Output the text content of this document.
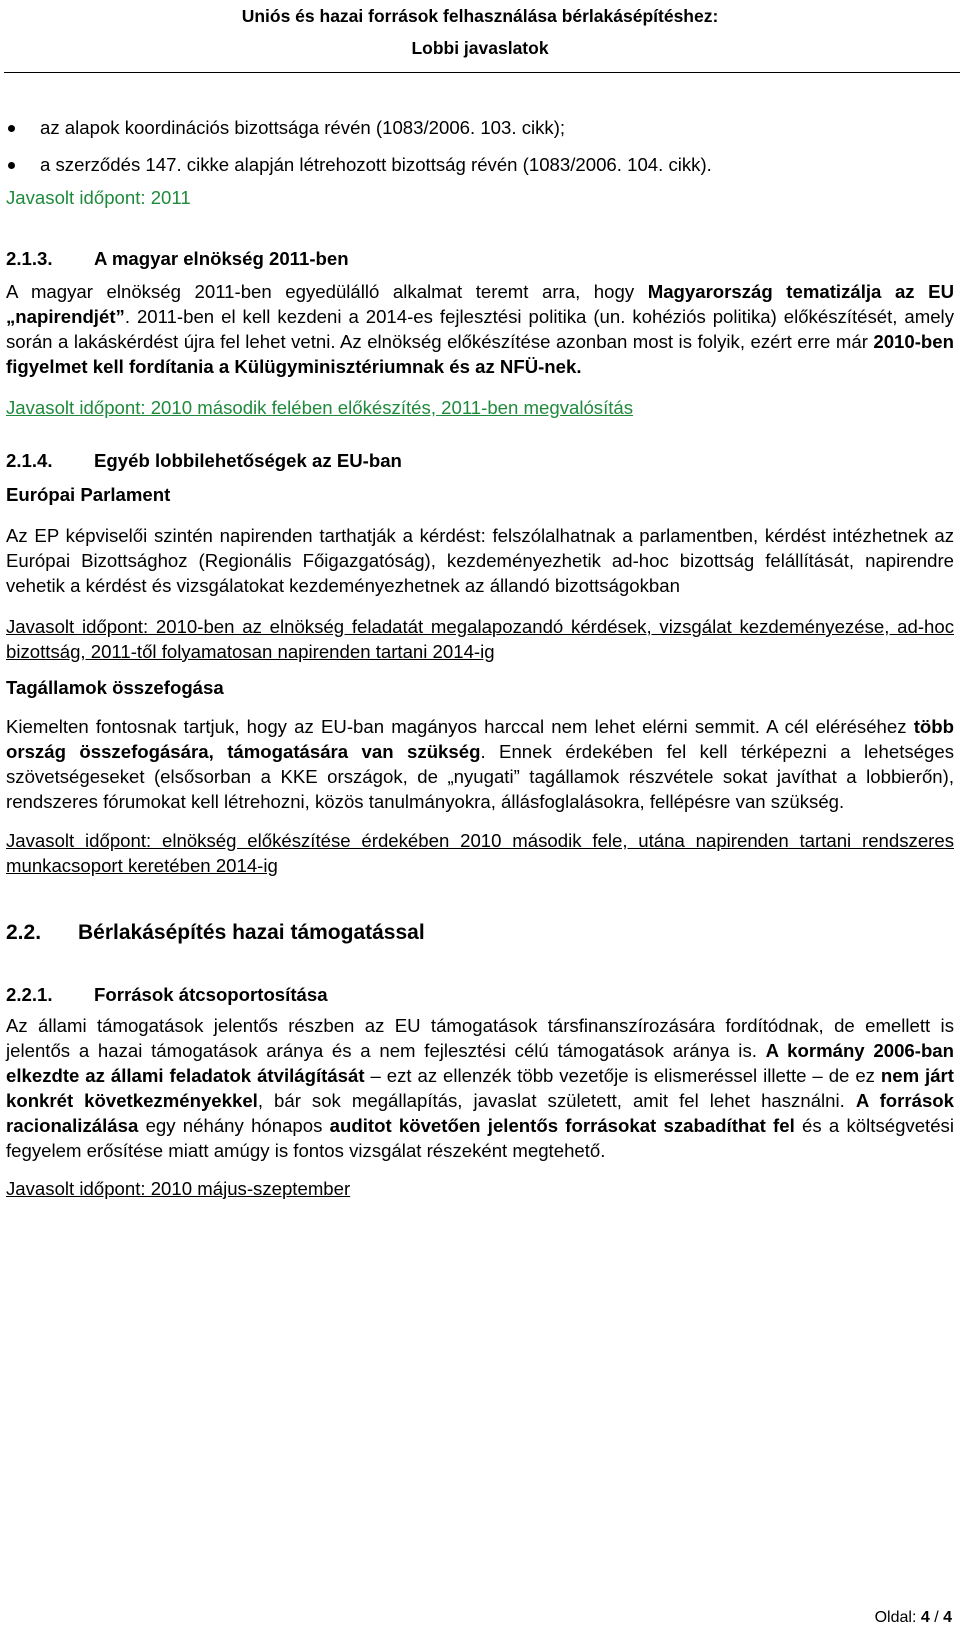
Uniós és hazai források felhasználása bérlakásépítéshez:
Lobbi javaslatok
az alapok koordinációs bizottsága révén (1083/2006. 103. cikk);
a szerződés 147. cikke alapján létrehozott bizottság révén (1083/2006. 104. cikk).

Javasolt időpont: 2011

2.1.3. A magyar elnökség 2011-ben

A magyar elnökség 2011-ben egyedülálló alkalmat teremt arra, hogy Magyarország tematizálja az EU „napirendjét”. 2011-ben el kell kezdeni a 2014-es fejlesztési politika (un. kohéziós politika) előkészítését, amely során a lakáskérdést újra fel lehet vetni. Az elnökség előkészítése azonban most is folyik, ezért erre már 2010-ben figyelmet kell fordítania a Külügyminisztériumnak és az NFÜ-nek.

Javasolt időpont: 2010 második felében előkészítés, 2011-ben megvalósítás

2.1.4. Egyéb lobbilehetőségek az EU-ban

Európai Parlament

Az EP képviselői szintén napirenden tarthatják a kérdést: felszólalhatnak a parlamentben, kérdést intézhetnek az Európai Bizottsághoz (Regionális Főigazgatóság), kezdeményezhetik ad-hoc bizottság felállítását, napirendre vehetik a kérdést és vizsgálatokat kezdeményezhetnek az állandó bizottságokban

Javasolt időpont: 2010-ben az elnökség feladatát megalapozandó kérdések, vizsgálat kezdeményezése, ad-hoc bizottság, 2011-től folyamatosan napirenden tartani 2014-ig

Tagállamok összefogása

Kiemelten fontosnak tartjuk, hogy az EU-ban magányos harccal nem lehet elérni semmit. A cél eléréséhez több ország összefogására, támogatására van szükség. Ennek érdekében fel kell térképezni a lehetséges szövetségeseket (elsősorban a KKE országok, de „nyugati” tagállamok részvétele sokat javíthat a lobbierőn), rendszeres fórumokat kell létrehozni, közös tanulmányokra, állásfoglalásokra, fellépésre van szükség.

Javasolt időpont: elnökség előkészítése érdekében 2010 második fele, utána napirenden tartani rendszeres munkacsoport keretében 2014-ig

2.2. Bérlakásépítés hazai támogatással

2.2.1. Források átcsoportosítása

Az állami támogatások jelentős részben az EU támogatások társfinanszírozására fordítódnak, de emellett is jelentős a hazai támogatások aránya és a nem fejlesztési célú támogatások aránya is. A kormány 2006-ban elkezdte az állami feladatok átvilágítását – ezt az ellenzék több vezetője is elismeréssel illette – de ez nem járt konkrét következményekkel, bár sok megállapítás, javaslat született, amit fel lehet használni. A források racionalizálása egy néhány hónapos auditot követően jelentős forrásokat szabadíthat fel és a költségvetési fegyelem erősítése miatt amúgy is fontos vizsgálat részeként megtehető.

Javasolt időpont: 2010 május-szeptember

Oldal: 4 / 4
